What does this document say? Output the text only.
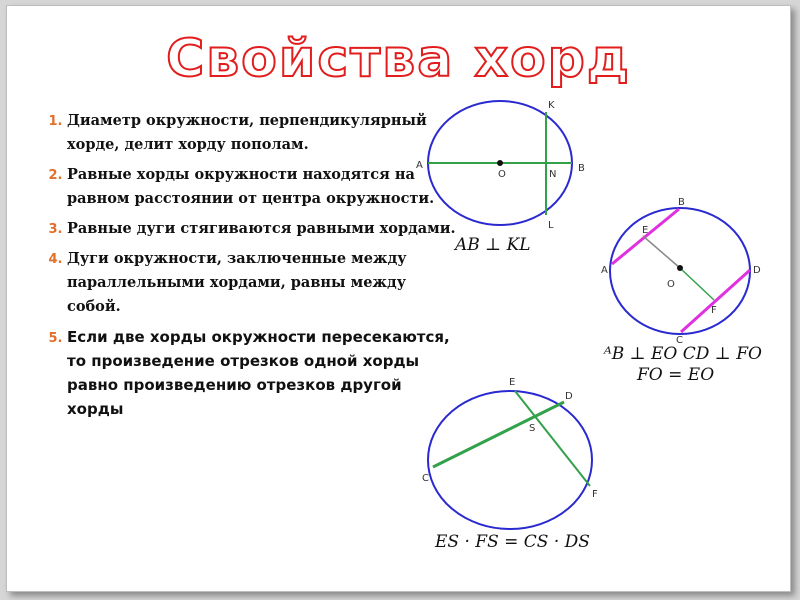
Свойства хорд
1. Диаметр окружности, перпендикулярный хорде, делит хорду пополам.
2. Равные хорды окружности находятся на равном расстоянии от центра окружности.
3. Равные дуги стягиваются равными хордами.
4. Дуги окружности, заключенные между параллельными хордами, равны между собой.
5. Если две хорды окружности пересекаются, то произведение отрезков одной хорды равно произведению отрезков другой хорды
A	B
K
L
O	N
AB ⊥ KL
A
B
C
D
E
F
O
ᴬB ⊥ EO CD ⊥ FO
FO = EO
C
D
E
F
S
ES · FS = CS · DS
